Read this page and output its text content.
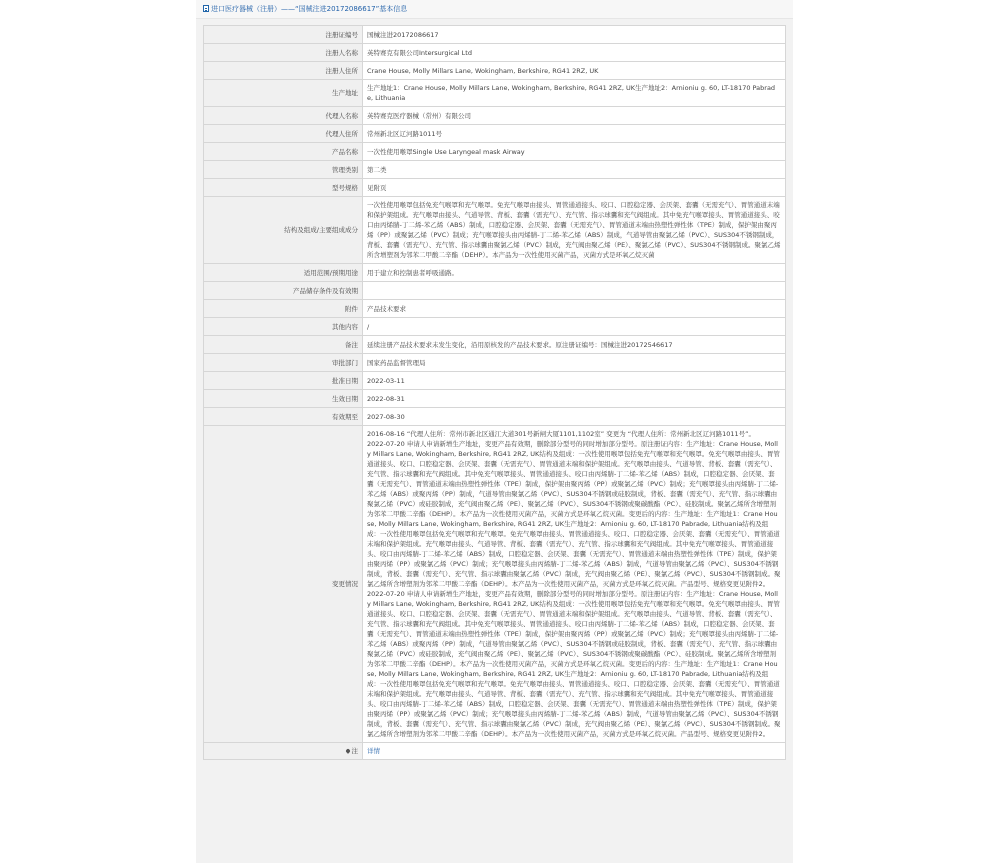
进口医疗器械（注册）——“国械注进20172086617”基本信息
注册证编号	国械注进20172086617
注册人名称	英特赛克有限公司Intersurgical Ltd
注册人住所	Crane House, Molly Millars Lane, Wokingham, Berkshire, RG41 2RZ, UK
生产地址	生产地址1：Crane House, Molly Millars Lane, Wokingham, Berkshire, RG41 2RZ, UK生产地址2：Arnioniu g. 60, LT-18170 Pabrade, Lithuania
代理人名称	英特赛克医疗器械（常州）有限公司
代理人住所	常州新北区辽河路1011号
产品名称	一次性使用喉罩Single Use Laryngeal mask Airway
管理类别	第二类
型号规格	见附页
结构及组成/主要组成成分	一次性使用喉罩包括免充气喉罩和充气喉罩。免充气喉罩由接头、胃管通道接头、咬口、口腔稳定器、会厌架、套囊（无需充气）、胃管通道末端和保护架组成。充气喉罩由接头、气道导管、背板、套囊（需充气）、充气管、指示球囊和充气阀组成。其中免充气喉罩接头、胃管通道接头、咬口由丙烯腈-丁二烯-苯乙烯（ABS）制成，口腔稳定器、会厌架、套囊（无需充气）、胃管通道末端由热塑性弹性体（TPE）制成，保护架由聚丙烯（PP）或聚氯乙烯（PVC）制成；充气喉罩接头由丙烯腈-丁二烯-苯乙烯（ABS）制成，气道导管由聚氯乙烯（PVC）、SUS304不锈钢制成，背板、套囊（需充气）、充气管、指示球囊由聚氯乙烯（PVC）制成，充气阀由聚乙烯（PE）、聚氯乙烯（PVC）、SUS304不锈钢制成。聚氯乙烯所含增塑剂为邻苯二甲酸二辛酯（DEHP）。本产品为一次性使用灭菌产品，灭菌方式是环氧乙烷灭菌
适用范围/预期用途	用于建立和控制患者呼吸通路。
产品储存条件及有效期	
附件	产品技术要求
其他内容	/
备注	延续注册产品技术要求未发生变化，沿用原核发的产品技术要求。原注册证编号：国械注进20172546617
审批部门	国家药品监督管理局
批准日期	2022-03-11
生效日期	2022-08-31
有效期至	2027-08-30
变更情况	2016-08-16 “代理人住所：常州市新北区通江大道301号新闸大厦1101,1102室” 变更为 “代理人住所：常州新北区辽河路1011号”。

2022-07-20 申请人申请新增生产地址，变更产品有效期，删除部分型号的同时增加部分型号。原注册证内容：生产地址：Crane House, Molly Millars Lane, Wokingham, Berkshire, RG41 2RZ, UK结构及组成：一次性使用喉罩包括免充气喉罩和充气喉罩。免充气喉罩由接头、胃管通道接头、咬口、口腔稳定器、会厌架、套囊（无需充气）、胃管通道末端和保护架组成。充气喉罩由接头、气道导管、背板、套囊（需充气）、充气管、指示球囊和充气阀组成。其中免充气喉罩接头、胃管通道接头、咬口由丙烯腈-丁二烯-苯乙烯（ABS）制成，口腔稳定器、会厌架、套囊（无需充气）、胃管通道末端由热塑性弹性体（TPE）制成，保护架由聚丙烯（PP）或聚氯乙烯（PVC）制成；充气喉罩接头由丙烯腈-丁二烯-苯乙烯（ABS）或聚丙烯（PP）制成，气道导管由聚氯乙烯（PVC）、SUS304不锈钢或硅胶制成，背板、套囊（需充气）、充气管、指示球囊由聚氯乙烯（PVC）或硅胶制成，充气阀由聚乙烯（PE）、聚氯乙烯（PVC）、SUS304不锈钢或聚碳酸酯（PC）、硅胶制成。聚氯乙烯所含增塑剂为邻苯二甲酸二辛酯（DEHP）。本产品为一次性使用灭菌产品，灭菌方式是环氧乙烷灭菌。变更后的内容：生产地址：生产地址1：Crane House, Molly Millars Lane, Wokingham, Berkshire, RG41 2RZ, UK生产地址2：Arnioniu g. 60, LT-18170 Pabrade, Lithuania结构及组成：一次性使用喉罩包括免充气喉罩和充气喉罩。免充气喉罩由接头、胃管通道接头、咬口、口腔稳定器、会厌架、套囊（无需充气）、胃管通道末端和保护架组成。充气喉罩由接头、气道导管、背板、套囊（需充气）、充气管、指示球囊和充气阀组成。其中免充气喉罩接头、胃管通道接头、咬口由丙烯腈-丁二烯-苯乙烯（ABS）制成，口腔稳定器、会厌架、套囊（无需充气）、胃管通道末端由热塑性弹性体（TPE）制成，保护架由聚丙烯（PP）或聚氯乙烯（PVC）制成；充气喉罩接头由丙烯腈-丁二烯-苯乙烯（ABS）制成，气道导管由聚氯乙烯（PVC）、SUS304不锈钢制成，背板、套囊（需充气）、充气管、指示球囊由聚氯乙烯（PVC）制成，充气阀由聚乙烯（PE）、聚氯乙烯（PVC）、SUS304不锈钢制成。聚氯乙烯所含增塑剂为邻苯二甲酸二辛酯（DEHP）。本产品为一次性使用灭菌产品，灭菌方式是环氧乙烷灭菌。产品型号、规格变更见附件2。

2022-07-20 申请人申请新增生产地址，变更产品有效期，删除部分型号的同时增加部分型号。原注册证内容：生产地址：Crane House, Molly Millars Lane, Wokingham, Berkshire, RG41 2RZ, UK结构及组成：一次性使用喉罩包括免充气喉罩和充气喉罩。免充气喉罩由接头、胃管通道接头、咬口、口腔稳定器、会厌架、套囊（无需充气）、胃管通道末端和保护架组成。充气喉罩由接头、气道导管、背板、套囊（需充气）、充气管、指示球囊和充气阀组成。其中免充气喉罩接头、胃管通道接头、咬口由丙烯腈-丁二烯-苯乙烯（ABS）制成，口腔稳定器、会厌架、套囊（无需充气）、胃管通道末端由热塑性弹性体（TPE）制成，保护架由聚丙烯（PP）或聚氯乙烯（PVC）制成；充气喉罩接头由丙烯腈-丁二烯-苯乙烯（ABS）或聚丙烯（PP）制成，气道导管由聚氯乙烯（PVC）、SUS304不锈钢或硅胶制成，背板、套囊（需充气）、充气管、指示球囊由聚氯乙烯（PVC）或硅胶制成，充气阀由聚乙烯（PE）、聚氯乙烯（PVC）、SUS304不锈钢或聚碳酸酯（PC）、硅胶制成。聚氯乙烯所含增塑剂为邻苯二甲酸二辛酯（DEHP）。本产品为一次性使用灭菌产品，灭菌方式是环氧乙烷灭菌。变更后的内容：生产地址：生产地址1：Crane House, Molly Millars Lane, Wokingham, Berkshire, RG41 2RZ, UK生产地址2：Arnioniu g. 60, LT-18170 Pabrade, Lithuania结构及组成：一次性使用喉罩包括免充气喉罩和充气喉罩。免充气喉罩由接头、胃管通道接头、咬口、口腔稳定器、会厌架、套囊（无需充气）、胃管通道末端和保护架组成。充气喉罩由接头、气道导管、背板、套囊（需充气）、充气管、指示球囊和充气阀组成。其中免充气喉罩接头、胃管通道接头、咬口由丙烯腈-丁二烯-苯乙烯（ABS）制成，口腔稳定器、会厌架、套囊（无需充气）、胃管通道末端由热塑性弹性体（TPE）制成，保护架由聚丙烯（PP）或聚氯乙烯（PVC）制成；充气喉罩接头由丙烯腈-丁二烯-苯乙烯（ABS）制成，气道导管由聚氯乙烯（PVC）、SUS304不锈钢制成，背板、套囊（需充气）、充气管、指示球囊由聚氯乙烯（PVC）制成，充气阀由聚乙烯（PE）、聚氯乙烯（PVC）、SUS304不锈钢制成。聚氯乙烯所含增塑剂为邻苯二甲酸二辛酯（DEHP）。本产品为一次性使用灭菌产品，灭菌方式是环氧乙烷灭菌。产品型号、规格变更见附件2。

注	详情
